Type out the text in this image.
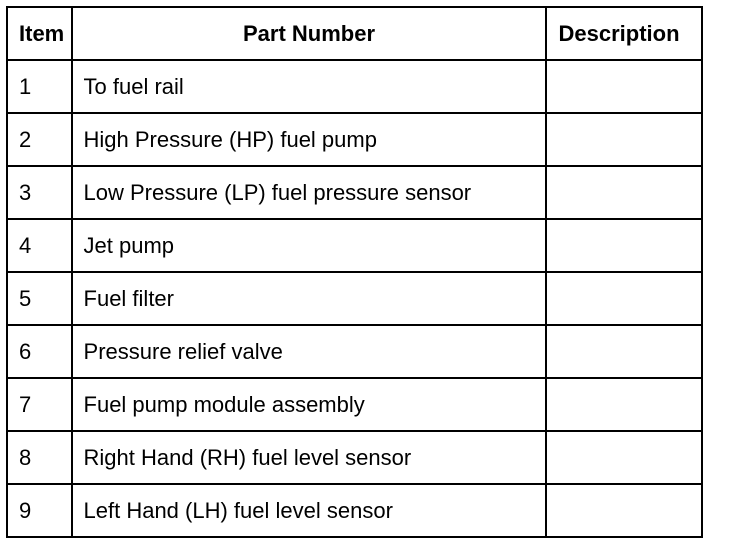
Item	Part Number	Description
1	To fuel rail	
2	High Pressure (HP) fuel pump	
3	Low Pressure (LP) fuel pressure sensor	
4	Jet pump	
5	Fuel filter	
6	Pressure relief valve	
7	Fuel pump module assembly	
8	Right Hand (RH) fuel level sensor	
9	Left Hand (LH) fuel level sensor	
